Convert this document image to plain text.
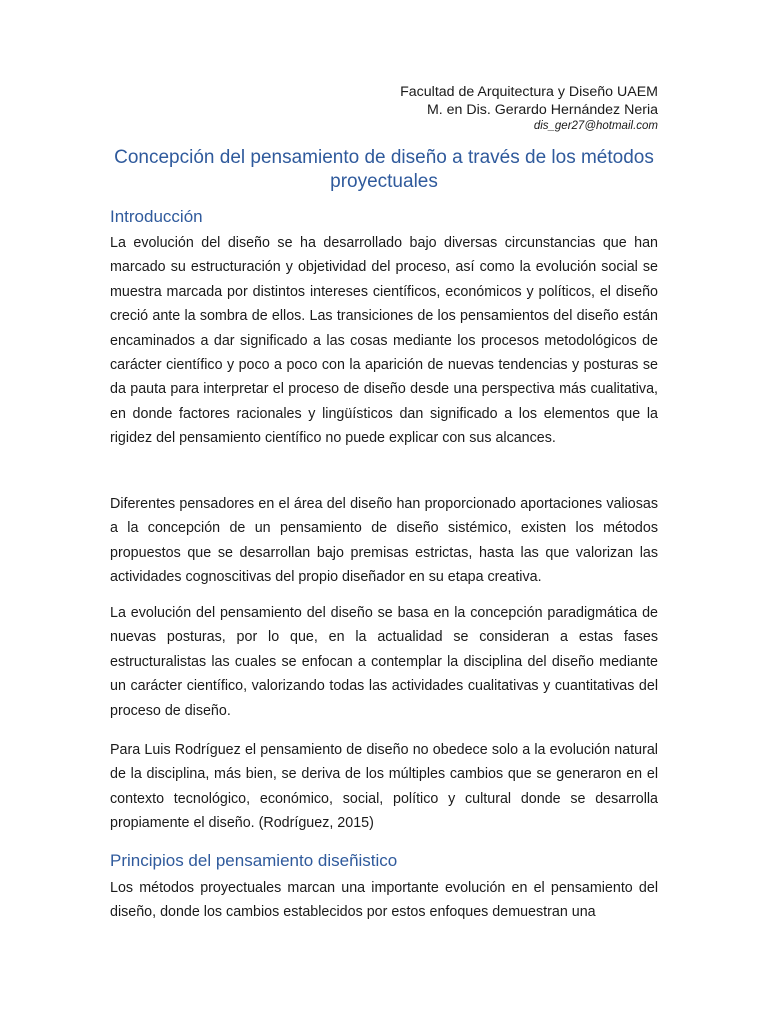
Facultad de Arquitectura y Diseño UAEM
M. en Dis. Gerardo Hernández Neria
dis_ger27@hotmail.com
Concepción del pensamiento de diseño a través de los métodos proyectuales
Introducción

La evolución del diseño se ha desarrollado bajo diversas circunstancias que han marcado su estructuración y objetividad del proceso, así como la evolución social se muestra marcada por distintos intereses científicos, económicos y políticos, el diseño creció ante la sombra de ellos. Las transiciones de los pensamientos del diseño están encaminados a dar significado a las cosas mediante los procesos metodológicos de carácter científico y poco a poco con la aparición de nuevas tendencias y posturas se da pauta para interpretar el proceso de diseño desde una perspectiva más cualitativa, en donde factores racionales y lingüísticos dan significado a los elementos que la rigidez del pensamiento científico no puede explicar con sus alcances.

Diferentes pensadores en el área del diseño han proporcionado aportaciones valiosas a la concepción de un pensamiento de diseño sistémico, existen los métodos propuestos que se desarrollan bajo premisas estrictas, hasta las que valorizan las actividades cognoscitivas del propio diseñador en su etapa creativa.

La evolución del pensamiento del diseño se basa en la concepción paradigmática de nuevas posturas, por lo que, en la actualidad se consideran a estas fases estructuralistas las cuales se enfocan a contemplar la disciplina del diseño mediante un carácter científico, valorizando todas las actividades cualitativas y cuantitativas del proceso de diseño.

Para Luis Rodríguez el pensamiento de diseño no obedece solo a la evolución natural de la disciplina, más bien, se deriva de los múltiples cambios que se generaron en el contexto tecnológico, económico, social, político y cultural donde se desarrolla propiamente el diseño. (Rodríguez, 2015)

Principios del pensamiento diseñistico

Los métodos proyectuales marcan una importante evolución en el pensamiento del diseño, donde los cambios establecidos por estos enfoques demuestran una
